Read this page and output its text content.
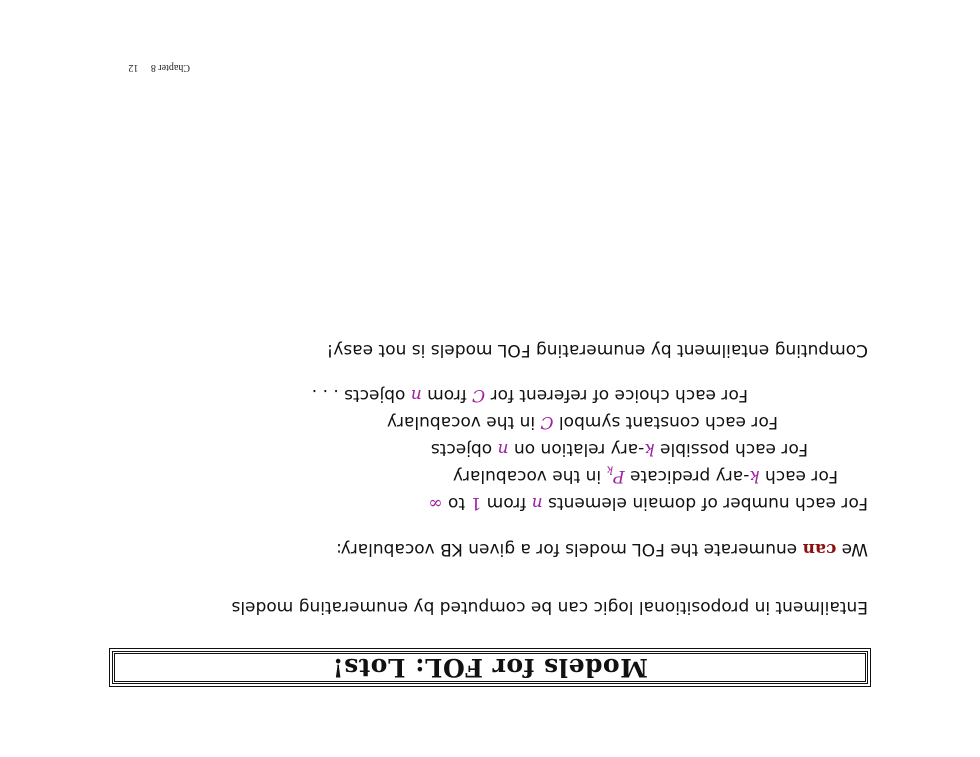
Chapter 8 12
Models for FOL: Lots!
Entailment in propositional logic can be computed by enumerating models
We can enumerate the FOL models for a given KB vocabulary:
For each number of domain elements n from 1 to ∞
For each k-ary predicate $P_k$ in the vocabulary
For each possible k-ary relation on n objects
For each constant symbol C in the vocabulary
For each choice of referent for C from n objects . . .
Computing entailment by enumerating FOL models is not easy!
